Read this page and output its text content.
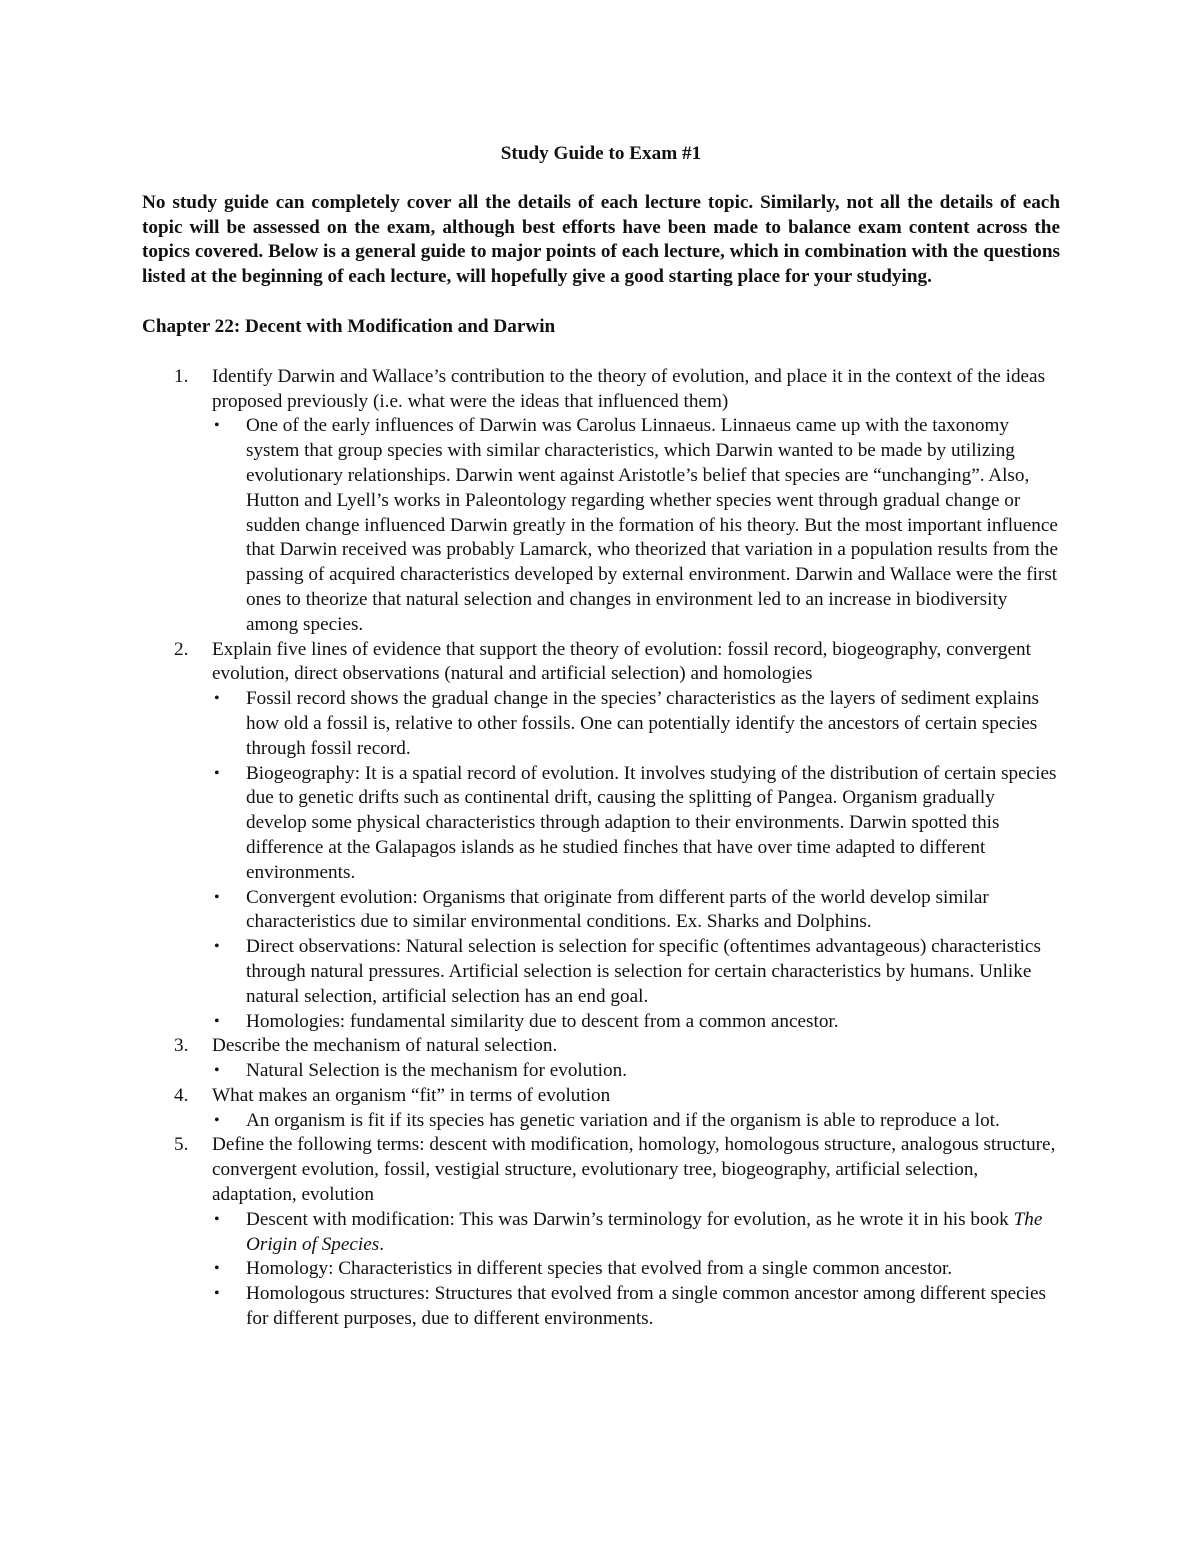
Study Guide to Exam #1

No study guide can completely cover all the details of each lecture topic. Similarly, not all the details of each topic will be assessed on the exam, although best efforts have been made to balance exam content across the topics covered. Below is a general guide to major points of each lecture, which in combination with the questions listed at the beginning of each lecture, will hopefully give a good starting place for your studying.

Chapter 22: Decent with Modification and Darwin

1. Identify Darwin and Wallace’s contribution to the theory of evolution, and place it in the context of the ideas proposed previously (i.e. what were the ideas that influenced them)
• One of the early influences of Darwin was Carolus Linnaeus. Linnaeus came up with the taxonomy system that group species with similar characteristics, which Darwin wanted to be made by utilizing evolutionary relationships. Darwin went against Aristotle’s belief that species are “unchanging”. Also, Hutton and Lyell’s works in Paleontology regarding whether species went through gradual change or sudden change influenced Darwin greatly in the formation of his theory. But the most important influence that Darwin received was probably Lamarck, who theorized that variation in a population results from the passing of acquired characteristics developed by external environment. Darwin and Wallace were the first ones to theorize that natural selection and changes in environment led to an increase in biodiversity among species.
2. Explain five lines of evidence that support the theory of evolution: fossil record, biogeography, convergent evolution, direct observations (natural and artificial selection) and homologies
• Fossil record shows the gradual change in the species’ characteristics as the layers of sediment explains how old a fossil is, relative to other fossils. One can potentially identify the ancestors of certain species through fossil record.
• Biogeography: It is a spatial record of evolution. It involves studying of the distribution of certain species due to genetic drifts such as continental drift, causing the splitting of Pangea. Organism gradually develop some physical characteristics through adaption to their environments. Darwin spotted this difference at the Galapagos islands as he studied finches that have over time adapted to different environments.
• Convergent evolution: Organisms that originate from different parts of the world develop similar characteristics due to similar environmental conditions. Ex. Sharks and Dolphins.
• Direct observations: Natural selection is selection for specific (oftentimes advantageous) characteristics through natural pressures. Artificial selection is selection for certain characteristics by humans. Unlike natural selection, artificial selection has an end goal.
• Homologies: fundamental similarity due to descent from a common ancestor.
3. Describe the mechanism of natural selection.
• Natural Selection is the mechanism for evolution.
4. What makes an organism “fit” in terms of evolution
• An organism is fit if its species has genetic variation and if the organism is able to reproduce a lot.
5. Define the following terms: descent with modification, homology, homologous structure, analogous structure, convergent evolution, fossil, vestigial structure, evolutionary tree, biogeography, artificial selection, adaptation, evolution
• Descent with modification: This was Darwin’s terminology for evolution, as he wrote it in his book The Origin of Species.
• Homology: Characteristics in different species that evolved from a single common ancestor.
• Homologous structures: Structures that evolved from a single common ancestor among different species for different purposes, due to different environments.
